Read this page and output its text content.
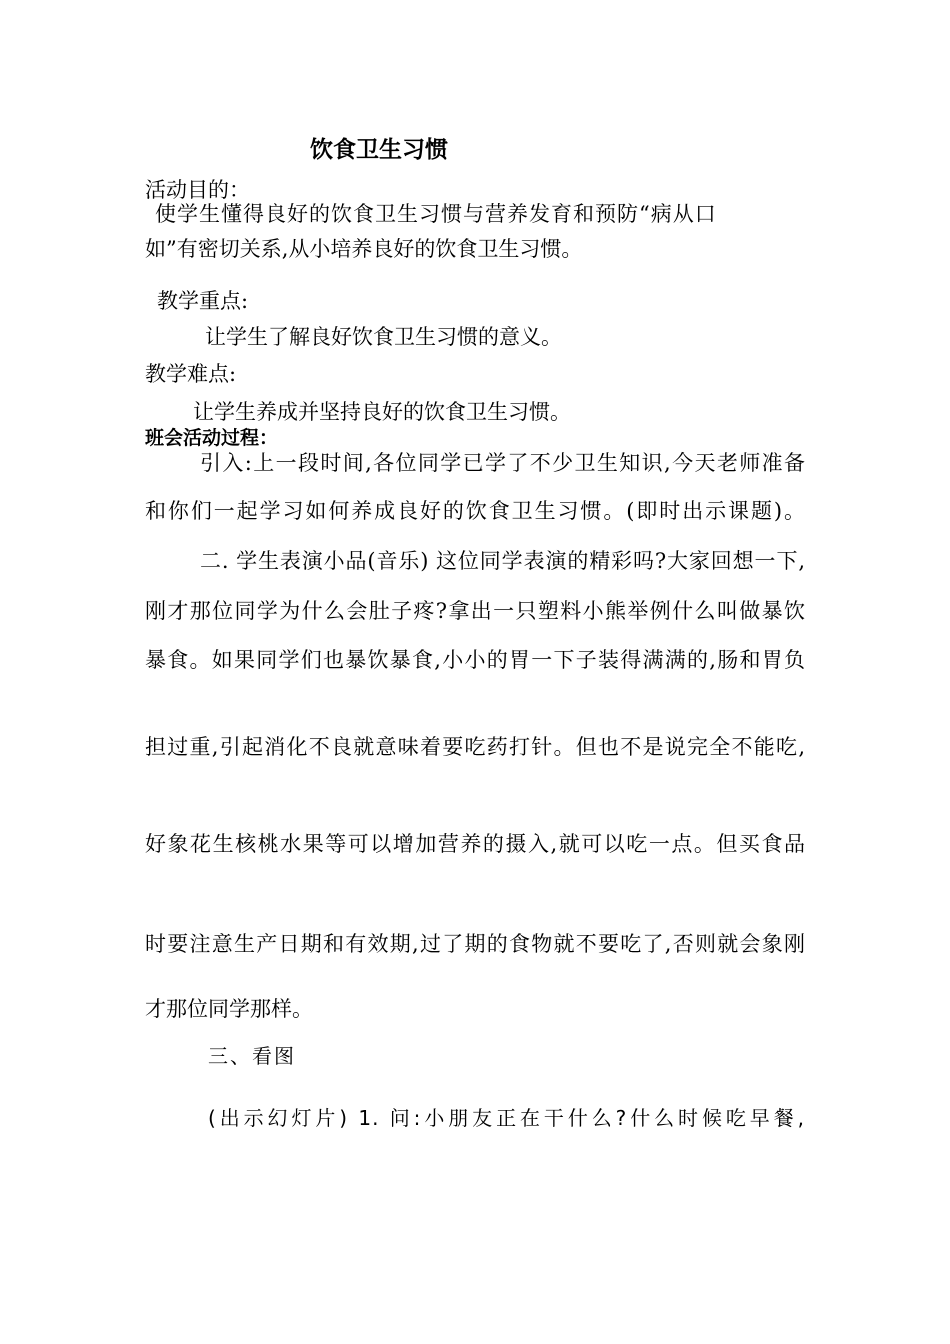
饮食卫生习惯
活动目的：
使学生懂得良好的饮食卫生习惯与营养发育和预防“病从口
如”有密切关系,从小培养良好的饮食卫生习惯。
教学重点:
让学生了解良好饮食卫生习惯的意义。
教学难点:
让学生养成并坚持良好的饮食卫生习惯。
班会活动过程：
引入:上一段时间,各位同学已学了不少卫生知识,今天老师准备
和你们一起学习如何养成良好的饮食卫生习惯。(即时出示课题)。
二. 学生表演小品(音乐) 这位同学表演的精彩吗?大家回想一下,
刚才那位同学为什么会肚子疼?拿出一只塑料小熊举例什么叫做暴饮
暴食。如果同学们也暴饮暴食,小小的胃一下子装得满满的,肠和胃负
担过重,引起消化不良就意味着要吃药打针。但也不是说完全不能吃,
好象花生核桃水果等可以增加营养的摄入,就可以吃一点。但买食品
时要注意生产日期和有效期,过了期的食物就不要吃了,否则就会象刚
才那位同学那样。
三、看图
(出示幻灯片) 1. 问:小朋友正在干什么?什么时候吃早餐,
